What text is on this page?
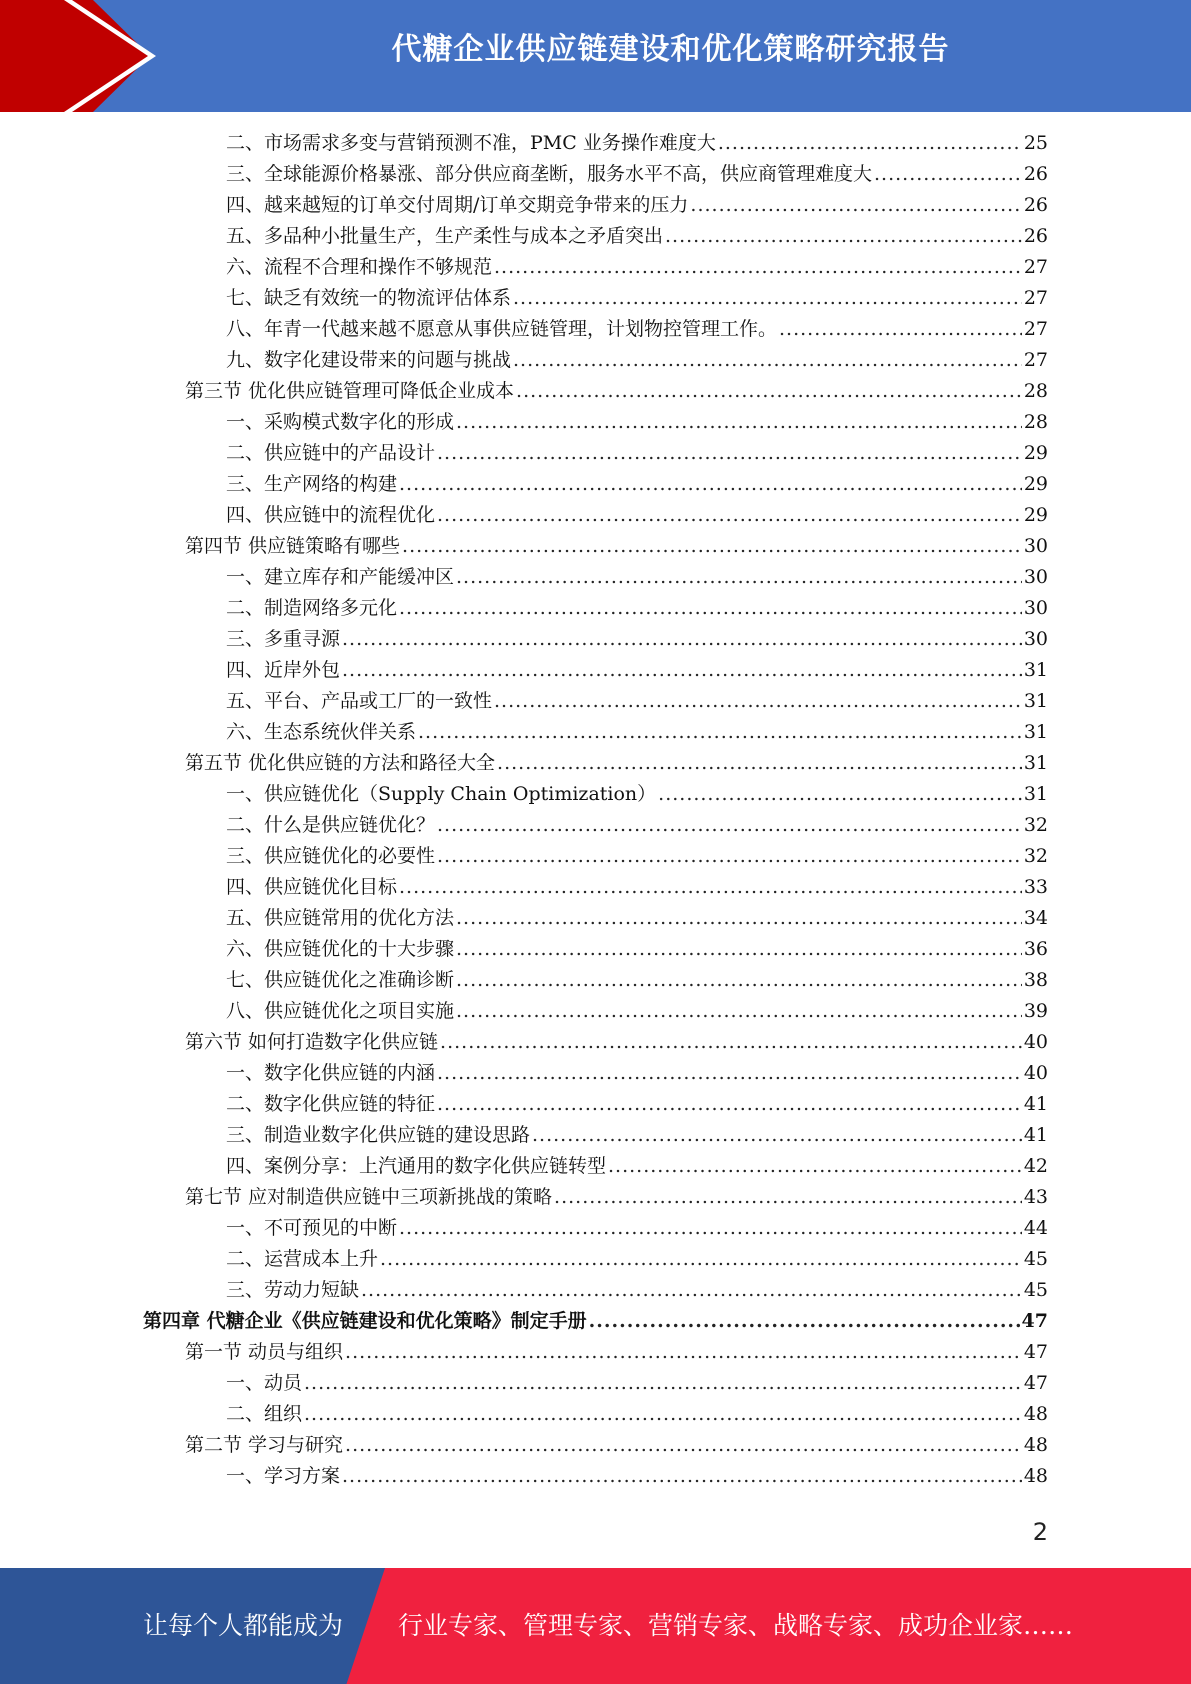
代糖企业供应链建设和优化策略研究报告
二、市场需求多变与营销预测不准，PMC 业务操作难度大 .....	25
三、全球能源价格暴涨、部分供应商垄断，服务水平不高，供应商管理难度大 .....	26
四、越来越短的订单交付周期/订单交期竞争带来的压力 .....	26
五、多品种小批量生产，生产柔性与成本之矛盾突出 .....	26
六、流程不合理和操作不够规范 .....	27
七、缺乏有效统一的物流评估体系 .....	27
八、年青一代越来越不愿意从事供应链管理，计划物控管理工作。 .....	27
九、数字化建设带来的问题与挑战 .....	27
第三节 优化供应链管理可降低企业成本 .....	28
一、采购模式数字化的形成 .....	28
二、供应链中的产品设计 .....	29
三、生产网络的构建 .....	29
四、供应链中的流程优化 .....	29
第四节 供应链策略有哪些 .....	30
一、建立库存和产能缓冲区 .....	30
二、制造网络多元化 .....	30
三、多重寻源 .....	30
四、近岸外包 .....	31
五、平台、产品或工厂的一致性 .....	31
六、生态系统伙伴关系 .....	31
第五节 优化供应链的方法和路径大全 .....	31
一、供应链优化（Supply Chain Optimization） .....	31
二、什么是供应链优化？ .....	32
三、供应链优化的必要性 .....	32
四、供应链优化目标 .....	33
五、供应链常用的优化方法 .....	34
六、供应链优化的十大步骤 .....	36
七、供应链优化之准确诊断 .....	38
八、供应链优化之项目实施 .....	39
第六节 如何打造数字化供应链 .....	40
一、数字化供应链的内涵 .....	40
二、数字化供应链的特征 .....	41
三、制造业数字化供应链的建设思路 .....	41
四、案例分享：上汽通用的数字化供应链转型 .....	42
第七节 应对制造供应链中三项新挑战的策略 .....	43
一、不可预见的中断 .....	44
二、运营成本上升 .....	45
三、劳动力短缺 .....	45
第四章 代糖企业《供应链建设和优化策略》制定手册 .....	47
第一节 动员与组织 .....	47
一、动员 .....	47
二、组织 .....	48
第二节 学习与研究 .....	48
一、学习方案 .....	48
2
让每个人都能成为 行业专家、管理专家、营销专家、战略专家、成功企业家……
